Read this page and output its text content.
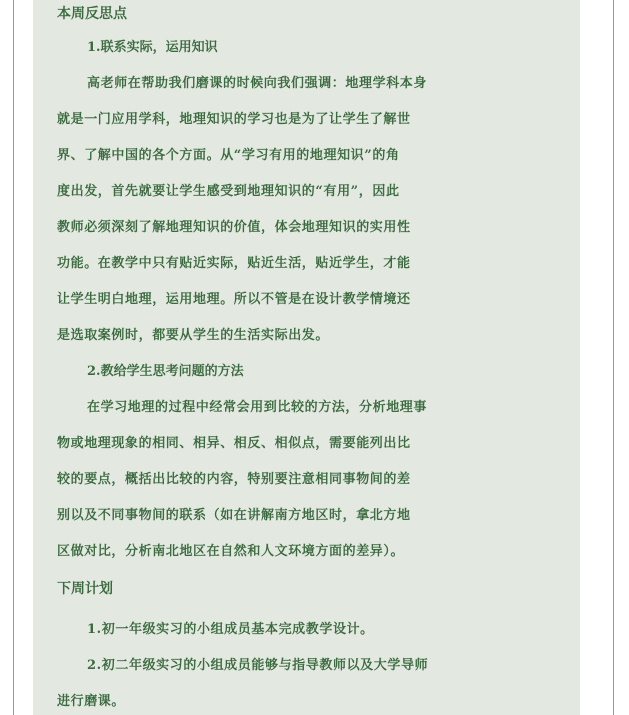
本周反思点
1.联系实际，运用知识
高老师在帮助我们磨课的时候向我们强调：地理学科本身
就是一门应用学科，地理知识的学习也是为了让学生了解世
界、了解中国的各个方面。从“学习有用的地理知识”的角
度出发，首先就要让学生感受到地理知识的“有用”，因此
教师必须深刻了解地理知识的价值，体会地理知识的实用性
功能。在教学中只有贴近实际，贴近生活，贴近学生，才能
让学生明白地理，运用地理。所以不管是在设计教学情境还
是选取案例时，都要从学生的生活实际出发。
2.教给学生思考问题的方法
在学习地理的过程中经常会用到比较的方法，分析地理事
物或地理现象的相同、相异、相反、相似点，需要能列出比
较的要点，概括出比较的内容，特别要注意相同事物间的差
别以及不同事物间的联系（如在讲解南方地区时，拿北方地
区做对比，分析南北地区在自然和人文环境方面的差异）。
下周计划
1.初一年级实习的小组成员基本完成教学设计。
2.初二年级实习的小组成员能够与指导教师以及大学导师
进行磨课。
